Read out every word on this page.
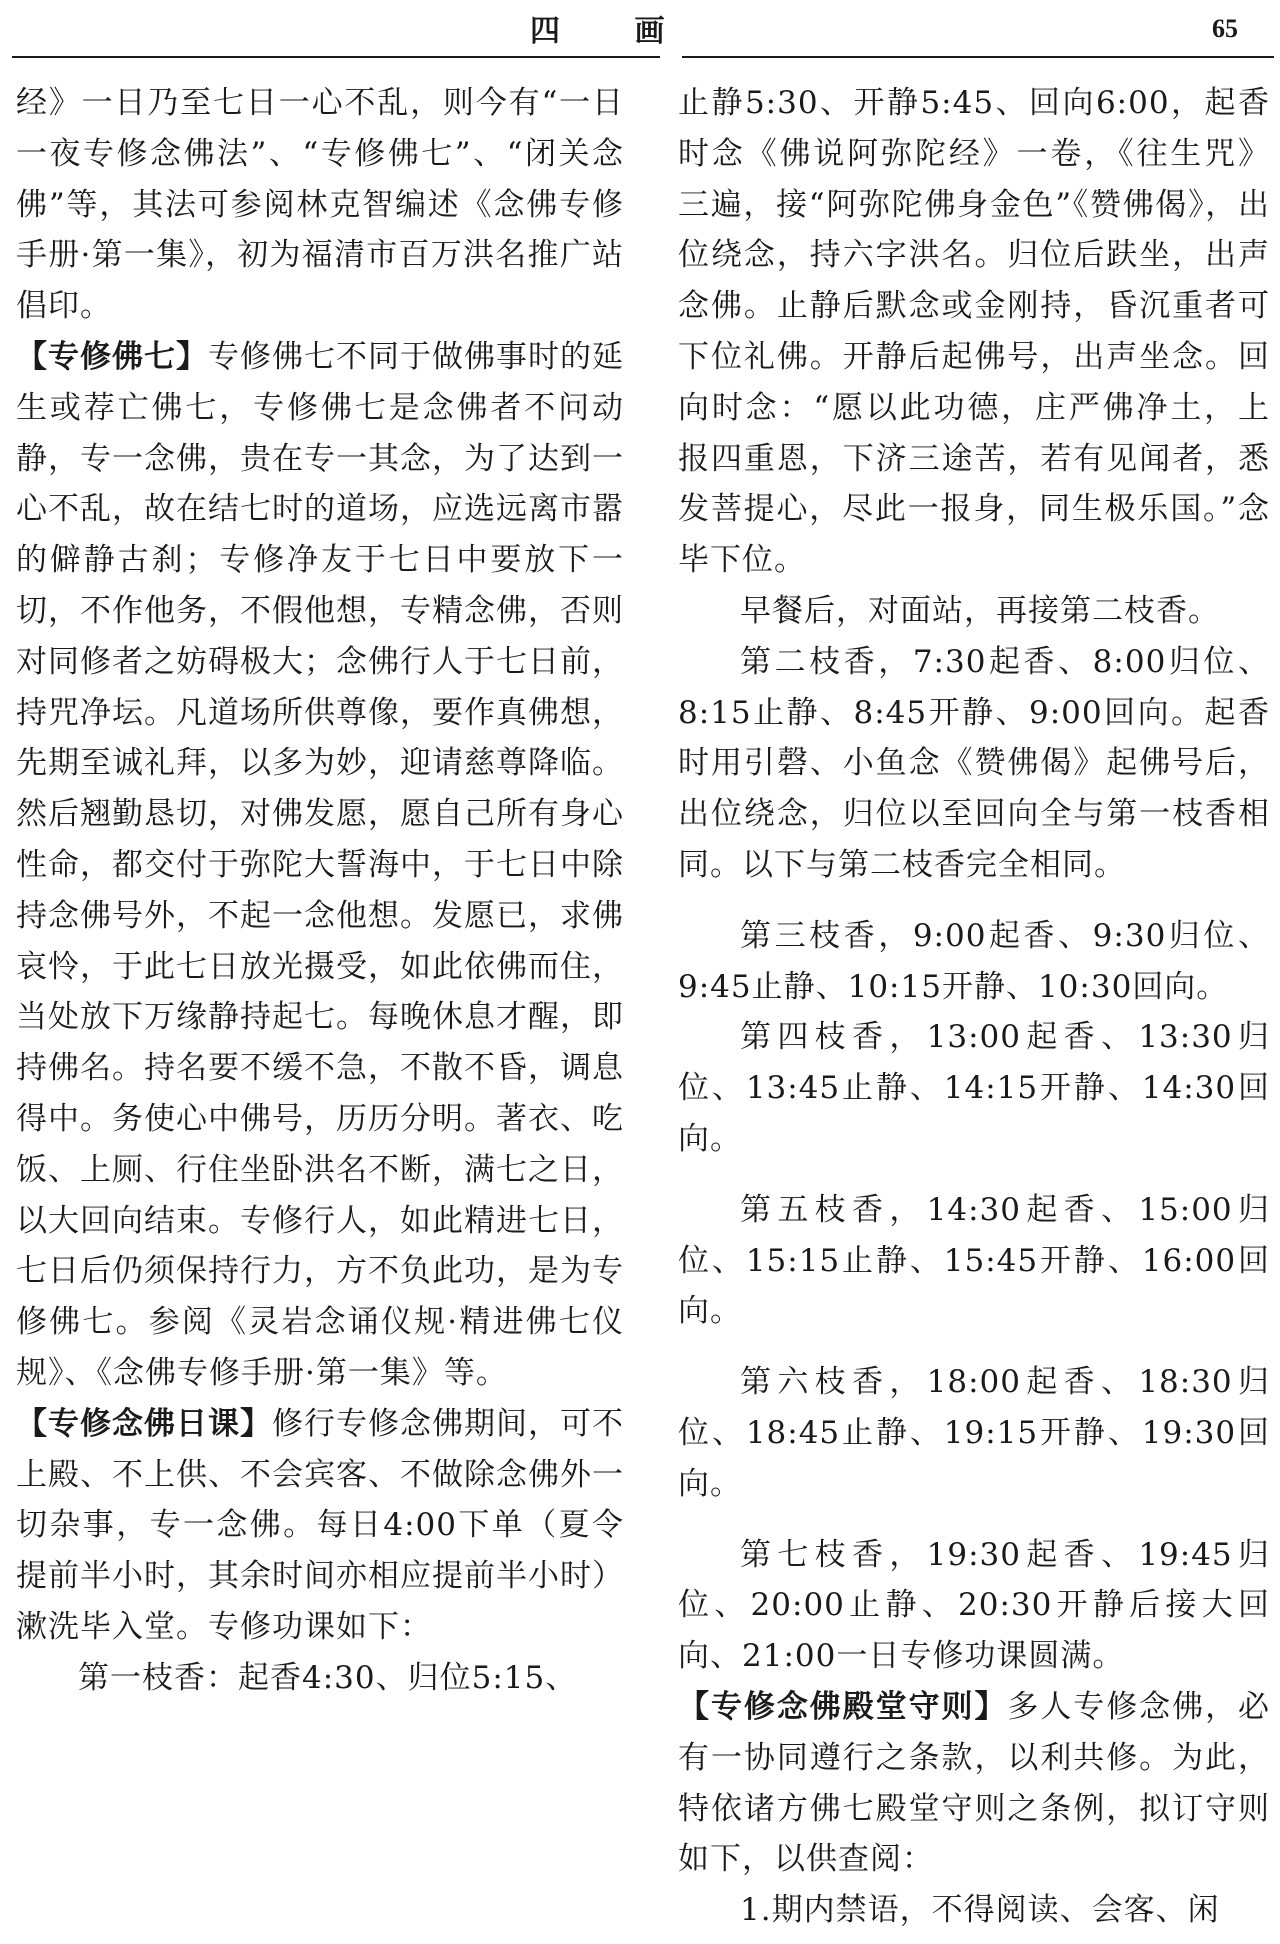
四 画	65

经》一日乃至七日一心不乱，则今有“一日一夜专修念佛法”、“专修佛七”、“闭关念佛”等，其法可参阅林克智编述《念佛专修手册·第一集》，初为福清市百万洪名推广站倡印。

【专修佛七】专修佛七不同于做佛事时的延生或荐亡佛七，专修佛七是念佛者不问动静，专一念佛，贵在专一其念，为了达到一心不乱，故在结七时的道场，应选远离市嚣的僻静古刹；专修净友于七日中要放下一切，不作他务，不假他想，专精念佛，否则对同修者之妨碍极大；念佛行人于七日前，持咒净坛。凡道场所供尊像，要作真佛想，先期至诚礼拜，以多为妙，迎请慈尊降临。然后翘勤恳切，对佛发愿，愿自己所有身心性命，都交付于弥陀大誓海中，于七日中除持念佛号外，不起一念他想。发愿已，求佛哀怜，于此七日放光摄受，如此依佛而住，当处放下万缘静持起七。每晚休息才醒，即持佛名。持名要不缓不急，不散不昏，调息得中。务使心中佛号，历历分明。著衣、吃饭、上厕、行住坐卧洪名不断，满七之日，以大回向结束。专修行人，如此精进七日，七日后仍须保持行力，方不负此功，是为专修佛七。参阅《灵岩念诵仪规·精进佛七仪规》、《念佛专修手册·第一集》等。

【专修念佛日课】修行专修念佛期间，可不上殿、不上供、不会宾客、不做除念佛外一切杂事，专一念佛。每日4:00下单（夏令提前半小时，其余时间亦相应提前半小时）漱洗毕入堂。专修功课如下：

第一枝香：起香4:30、归位5:15、

止静5:30、开静5:45、回向6:00，起香时念《佛说阿弥陀经》一卷，《往生咒》三遍，接“阿弥陀佛身金色”《赞佛偈》，出位绕念，持六字洪名。归位后趺坐，出声念佛。止静后默念或金刚持，昏沉重者可下位礼佛。开静后起佛号，出声坐念。回向时念：“愿以此功德，庄严佛净土，上报四重恩，下济三途苦，若有见闻者，悉发菩提心，尽此一报身，同生极乐国。”念毕下位。

早餐后，对面站，再接第二枝香。

第二枝香，7:30起香、8:00归位、8:15止静、8:45开静、9:00回向。起香时用引磬、小鱼念《赞佛偈》起佛号后，出位绕念，归位以至回向全与第一枝香相同。以下与第二枝香完全相同。

第三枝香，9:00起香、9:30归位、9:45止静、10:15开静、10:30回向。

第四枝香，13:00起香、13:30归位、13:45止静、14:15开静、14:30回向。

第五枝香，14:30起香、15:00归位、15:15止静、15:45开静、16:00回向。

第六枝香，18:00起香、18:30归位、18:45止静、19:15开静、19:30回向。

第七枝香，19:30起香、19:45归位、20:00止静、20:30开静后接大回向、21:00一日专修功课圆满。

【专修念佛殿堂守则】多人专修念佛，必有一协同遵行之条款，以利共修。为此，特依诸方佛七殿堂守则之条例，拟订守则如下，以供查阅：

1.期内禁语，不得阅读、会客、闲
